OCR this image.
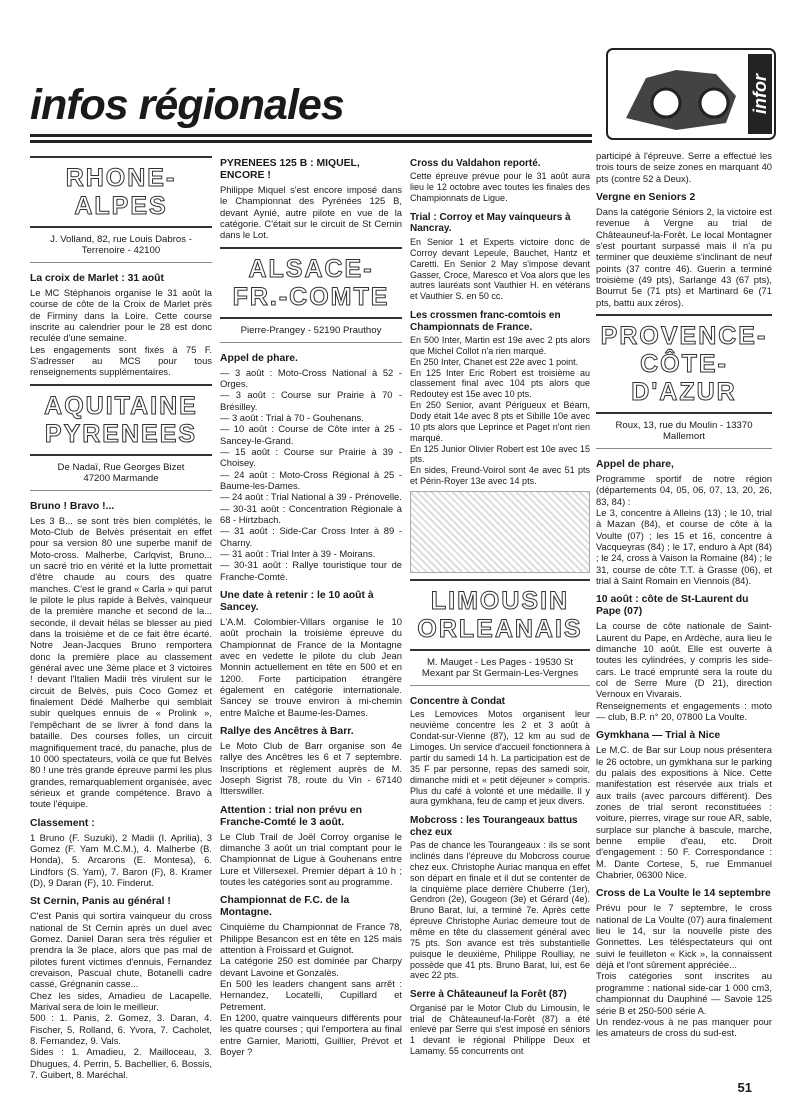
infos régionales	infor
RHONE-
ALPES
J. Volland, 82, rue Louis Dabros - Terrenoire - 42100
La croix de Marlet : 31 août

Le MC Stéphanois organise le 31 août la course de côte de la Croix de Marlet près de Firminy dans la Loire. Cette course inscrite au calendrier pour le 28 est donc reculée d'une semaine.
Les engagements sont fixés à 75 F. S'adresser au MCS pour tous renseignements supplémentaires.

AQUITAINE
PYRENEES
De Nadaï, Rue Georges Bizet
47200 Marmande
Bruno ! Bravo !...

Les 3 B... se sont très bien complétés, le Moto-Club de Belvès présentait en effet pour sa version 80 une superbe manif de Moto-cross. Malherbe, Carlqvist, Bruno... un sacré trio en vérité et la lutte promettait d'être chaude au cours des quatre manches. C'est le grand « Carla » qui parut le pilote le plus rapide à Belvès, vainqueur de la première manche et second de la... seconde, il devait hélas se blesser au pied dans la troisième et de ce fait être écarté. Notre Jean-Jacques Bruno remportera donc la première place au classement général avec une 3ème place et 3 victoires ! devant l'Italien Madii très virulent sur le circuit de Belvès, puis Coco Gomez et finalement Dédé Malherbe qui semblait subir quelques ennuis de « Prolink », l'empêchant de se livrer à fond dans la bataille. Des courses folles, un circuit magnifiquement tracé, du panache, plus de 10 000 spectateurs, voilà ce que fut Belvès 80 ! une très grande épreuve parmi les plus grandes, remarquablement organisée, avec sérieux et grande compétence. Bravo à toute l'équipe.

Classement :

1 Bruno (F. Suzuki), 2 Madii (I. Aprilia), 3 Gomez (F. Yam M.C.M.), 4. Malherbe (B. Honda), 5. Arcarons (E. Montesa), 6. Lindfors (S. Yam), 7. Baron (F), 8. Kramer (D), 9 Daran (F), 10. Finderut.

St Cernin, Panis au général !

C'est Panis qui sortira vainqueur du cross national de St Cernin après un duel avec Gomez. Daniel Daran sera très régulier et prendra la 3e place, alors que pas mal de pilotes furent victimes d'ennuis, Fernandez crevaison, Pascual chute, Botanelli cadre cassé, Grégnanin casse...
Chez les sides, Amadieu de Lacapelle. Marival sera de loin le meilleur.
500 : 1. Panis, 2. Gomez, 3. Daran, 4. Fischer, 5. Rolland, 6. Yvora, 7. Cacholet, 8. Fernandez, 9. Vals.
Sides : 1. Amadieu, 2. Mailloceau, 3. Dhugues, 4. Perrin, 5. Bachellier, 6. Bossis, 7. Guibert, 8. Maréchal.

PYRENEES 125 B : MIQUEL, ENCORE !

Philippe Miquel s'est encore imposé dans le Championnat des Pyrénées 125 B, devant Aynié, autre pilote en vue de la catégorie. C'était sur le circuit de St Cernin dans le Lot.

ALSACE-
FR.-COMTE
Pierre-Prangey - 52190 Prauthoy
Appel de phare.

— 3 août : Moto-Cross National à 52 - Orges.
— 3 août : Course sur Prairie à 70 - Brésilley.
— 3 août : Trial à 70 - Gouhenans.
— 10 août : Course de Côte inter à 25 - Sancey-le-Grand.
— 15 août : Course sur Prairie à 39 - Choisey.
— 24 août : Moto-Cross Régional à 25 - Baume-les-Dames.
— 24 août : Trial National à 39 - Prénovelle.
— 30-31 août : Concentration Régionale à 68 - Hirtzbach.
— 31 août : Side-Car Cross Inter à 89 - Charny.
— 31 août : Trial Inter à 39 - Moirans.
— 30-31 août : Rallye touristique tour de Franche-Comté.

Une date à retenir : le 10 août à Sancey.

L'A.M. Colombier-Villars organise le 10 août prochain la troisième épreuve du Championnat de France de la Montagne avec en vedette le pilote du club Jean Monnin actuellement en tête en 500 et en 1200. Forte participation étrangère également en catégorie internationale. Sancey se trouve environ à mi-chemin entre Maîche et Baume-les-Dames.

Rallye des Ancêtres à Barr.

Le Moto Club de Barr organise son 4e rallye des Ancêtres les 6 et 7 septembre. Inscriptions et règlement auprès de M. Joseph Sigrist 78, route du Vin - 67140 Itterswiller.

Attention : trial non prévu en Franche-Comté le 3 août.

Le Club Trail de Joël Corroy organise le dimanche 3 août un trial comptant pour le Championnat de Ligue à Gouhenans entre Lure et Villersexel. Premier départ à 10 h ; toutes les catégories sont au programme.

Championnat de F.C. de la Montagne.

Cinquième du Championnat de France 78, Philippe Besancon est en tête en 125 mais attention à Froissard et Guignot.
La catégorie 250 est dominée par Charpy devant Lavoine et Gonzalès.
En 500 les leaders changent sans arrêt : Hernandez, Locatelli, Cupillard et Petrement.
En 1200, quatre vainqueurs différents pour les quatre courses ; qui l'emportera au final entre Garnier, Mariotti, Guillier, Prévot et Boyer ?

Cross du Valdahon reporté.

Cette épreuve prévue pour le 31 août aura lieu le 12 octobre avec toutes les finales des Championnats de Ligue.

Trial : Corroy et May vainqueurs à Nancray.

En Senior 1 et Experts victoire donc de Corroy devant Lepeule, Bauchet, Hantz et Caretti. En Senior 2 May s'impose devant Gasser, Croce, Maresco et Voa alors que les autres lauréats sont Vauthier H. en vétérans et Vauthier S. en 50 cc.

Les crossmen franc-comtois en Championnats de France.

En 500 Inter, Martin est 19e avec 2 pts alors que Michel Collot n'a rien marqué.
En 250 Inter, Chanet est 22e avec 1 point.
En 125 Inter Eric Robert est troisième au classement final avec 104 pts alors que Redoutey est 15e avec 10 pts.
En 250 Senior, avant Périgueux et Béarn, Dody était 14e avec 8 pts et Sibille 10e avec 10 pts alors que Leprince et Paget n'ont rien marqué.
En 125 Junior Olivier Robert est 10e avec 15 pts.
En sides, Freund-Voirol sont 4e avec 51 pts et Périn-Royer 13e avec 14 pts.

LIMOUSIN
ORLEANAIS
M. Mauget - Les Pages - 19530 St Mexant par St Germain-Les-Vergnes
Concentre à Condat

Les Lemovices Motos organisent leur neuvième concentre les 2 et 3 août à Condat-sur-Vienne (87), 12 km au sud de Limoges. Un service d'accueil fonctionnera à partir du samedi 14 h. La participation est de 35 F par personne, repas des samedi soir, dimanche midi et « petit déjeuner » compris. Plus du café à volonté et une médaille. Il y aura gymkhana, feu de camp et jeux divers.

Mobcross : les Tourangeaux battus chez eux

Pas de chance les Tourangeaux : ils se sont inclinés dans l'épreuve du Mobcross courue chez eux. Christophe Auriac manqua en effet son départ en finale et il dut se contenter de la cinquième place derrière Chuberre (1er), Gendron (2e), Gougeon (3e) et Gérard (4e). Bruno Barat, lui, a terminé 7e. Après cette épreuve Christophe Auriac demeure tout de même en tête du classement général avec 75 pts. Son avance est très substantielle puisque le deuxième, Philippe Roulliay, ne possède que 41 pts. Bruno Barat, lui, est 6e avec 22 pts.

Serre à Châteauneuf la Forêt (87)

Organisé par le Motor Club du Limousin, le trial de Châteauneuf-la-Forêt (87) a été enlevé par Serre qui s'est imposé en séniors 1 devant le régional Philippe Deux et Lamamy. 55 concurrents ont

participé à l'épreuve. Serre a effectué les trois tours de seize zones en marquant 40 pts (contre 52 à Deux).

Vergne en Seniors 2

Dans la catégorie Séniors 2, la victoire est revenue à Vergne au trial de Châteauneuf-la-Forêt. Le local Montagner s'est pourtant surpassé mais il n'a pu terminer que deuxième s'inclinant de neuf points (37 contre 46). Guerin a terminé troisième (49 pts), Sarlange 43 (67 pts), Bourrut 5e (71 pts) et Martinard 6e (71 pts, battu aux zéros).

PROVENCE-
CÔTE-D'AZUR
Roux, 13, rue du Moulin - 13370 Mallemort
Appel de phare,

Programme sportif de notre région (départements 04, 05, 06, 07, 13, 20, 26, 83, 84) :
Le 3, concentre à Alleins (13) ; le 10, trial à Mazan (84), et course de côte à la Voulte (07) ; les 15 et 16, concentre à Vacqueyras (84) ; le 17, enduro à Apt (84) ; le 24, cross à Vaison la Romaine (84) ; le 31, course de côte T.T. à Grasse (06), et trial à Saint Romain en Viennois (84).

10 août : côte de St-Laurent du Pape (07)

La course de côte nationale de Saint-Laurent du Pape, en Ardèche, aura lieu le dimanche 10 août. Elle est ouverte à toutes les cylindrées, y compris les side-cars. Le tracé emprunté sera la route du col de Serre Mure (D 21), direction Vernoux en Vivarais.
Renseignements et engagements : moto — club, B.P. n° 20, 07800 La Voulte.

Gymkhana — Trial à Nice

Le M.C. de Bar sur Loup nous présentera le 26 octobre, un gymkhana sur le parking du palais des expositions à Nice. Cette manifestation est réservée aux trials et aux trails (avec parcours différent). Des zones de trial seront reconstituées : voiture, pierres, virage sur roue AR, sable, surplace sur planche à bascule, marche, benne emplie d'eau, etc. Droit d'engagement : 50 F. Correspondance : M. Dante Cortese, 5, rue Emmanuel Chabrier, 06300 Nice.

Cross de La Voulte le 14 septembre

Prévu pour le 7 septembre, le cross national de La Voulte (07) aura finalement lieu le 14, sur la nouvelle piste des Gonnettes. Les téléspectateurs qui ont suivi le feuilleton « Kick », la connaissent déjà et l'ont sûrement appréciée...
Trois catégories sont inscrites au programme : national side-car 1 000 cm3, championnat du Dauphiné — Savoie 125 série B et 250-500 série A.
Un rendez-vous à ne pas manquer pour les amateurs de cross du sud-est.

51
